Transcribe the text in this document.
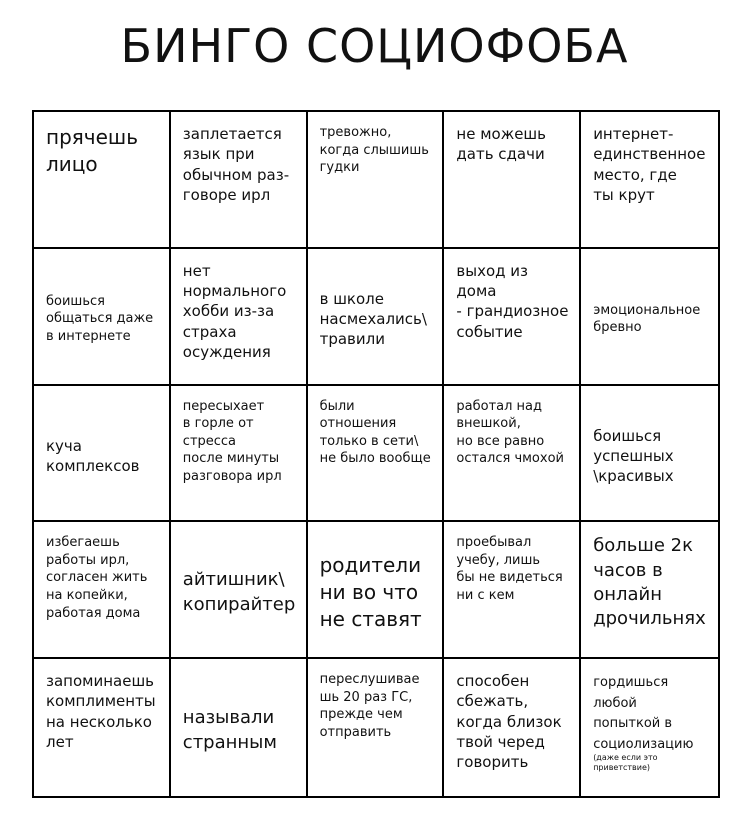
БИНГО СОЦИОФОБА
прячешь
лицо
заплетается
язык при
обычном раз-
говоре ирл
тревожно,
когда слышишь
гудки
не можешь
дать сдачи
интернет-
единственное
место, где
ты крут
боишься
общаться даже
в интернете
нет
нормального
хобби из-за
страха
осуждения
в школе
насмехались\
травили
выход из дома
- грандиозное
событие
эмоциональное
бревно
куча
комплексов
пересыхает
в горле от
стресса
после минуты
разговора ирл
были отношения
только в сети\
не было вообще
работал над
внешкой,
но все равно
остался чмохой
боишься
успешных
\красивых
избегаешь
работы ирл,
согласен жить
на копейки,
работая дома
айтишник\
копирайтер
родители
ни во что
не ставят
проебывал
учебу, лишь
бы не видеться
ни с кем
больше 2к
часов в
онлайн
дрочильнях
запоминаешь
комплименты
на несколько
лет
называли
странным
переслушивае
шь 20 раз ГС,
прежде чем
отправить
способен
сбежать,
когда близок
твой черед
говорить
гордишься
любой
попыткой в
социолизацию
(даже если это
приветствие)
